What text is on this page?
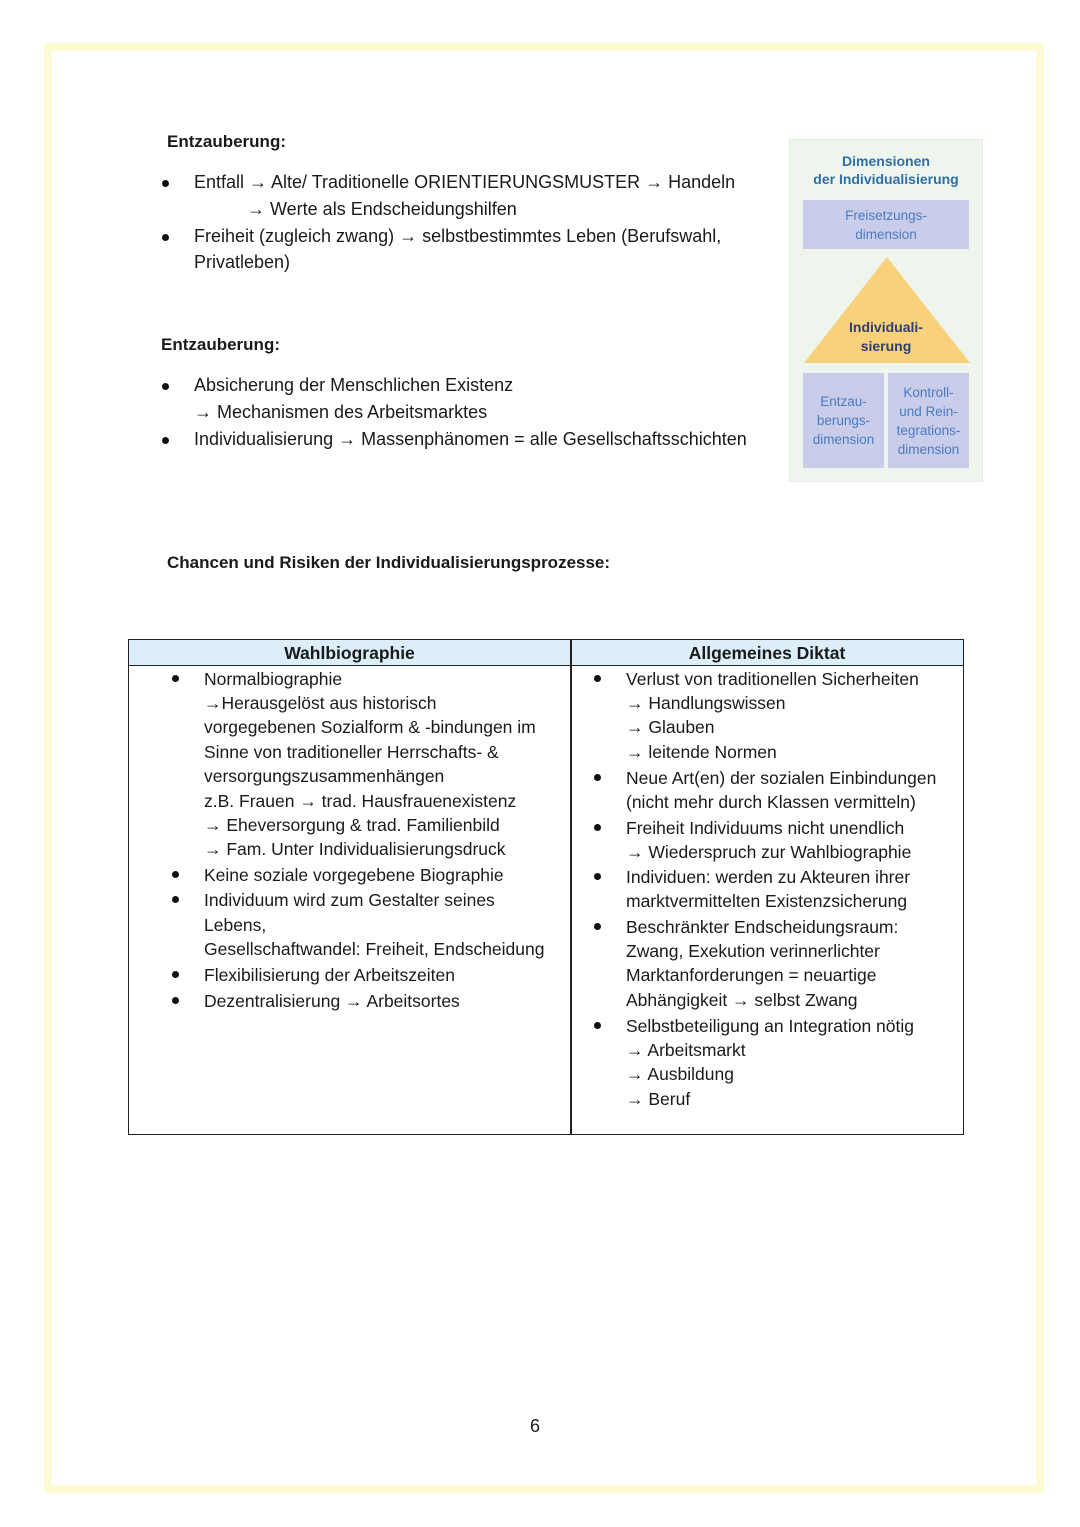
Entzauberung:
Entfall → Alte/ Traditionelle ORIENTIERUNGSMUSTER → Handeln
→ Werte als Endscheidungshilfen
Freiheit (zugleich zwang) → selbstbestimmtes Leben (Berufswahl,
Privatleben)
Entzauberung:
Absicherung der Menschlichen Existenz
→ Mechanismen des Arbeitsmarktes
Individualisierung → Massenphänomen = alle Gesellschaftsschichten
Dimensionen
der Individualisierung
Freisetzungs-
dimension
Individuali-
sierung
Entzau-
berungs-
dimension
Kontroll-
und Rein-
tegrations-
dimension
Chancen und Risiken der Individualisierungsprozesse:
Wahlbiographie	Allgemeines Diktat
Normalbiographie
→Herausgelöst aus historisch
vorgegebenen Sozialform & -bindungen im
Sinne von traditioneller Herrschafts- &
versorgungszusammenhängen
z.B. Frauen → trad. Hausfrauenexistenz
→ Eheversorgung & trad. Familienbild
→ Fam. Unter Individualisierungsdruck
Keine soziale vorgegebene Biographie
Individuum wird zum Gestalter seines
Lebens,
Gesellschaftwandel: Freiheit, Endscheidung
Flexibilisierung der Arbeitszeiten
Dezentralisierung → Arbeitsortes
Verlust von traditionellen Sicherheiten
→ Handlungswissen
→ Glauben
→ leitende Normen
Neue Art(en) der sozialen Einbindungen
(nicht mehr durch Klassen vermitteln)
Freiheit Individuums nicht unendlich
→ Wiederspruch zur Wahlbiographie
Individuen: werden zu Akteuren ihrer
marktvermittelten Existenzsicherung
Beschränkter Endscheidungsraum:
Zwang, Exekution verinnerlichter
Marktanforderungen = neuartige
Abhängigkeit → selbst Zwang
Selbstbeteiligung an Integration nötig
→ Arbeitsmarkt
→ Ausbildung
→ Beruf
6
